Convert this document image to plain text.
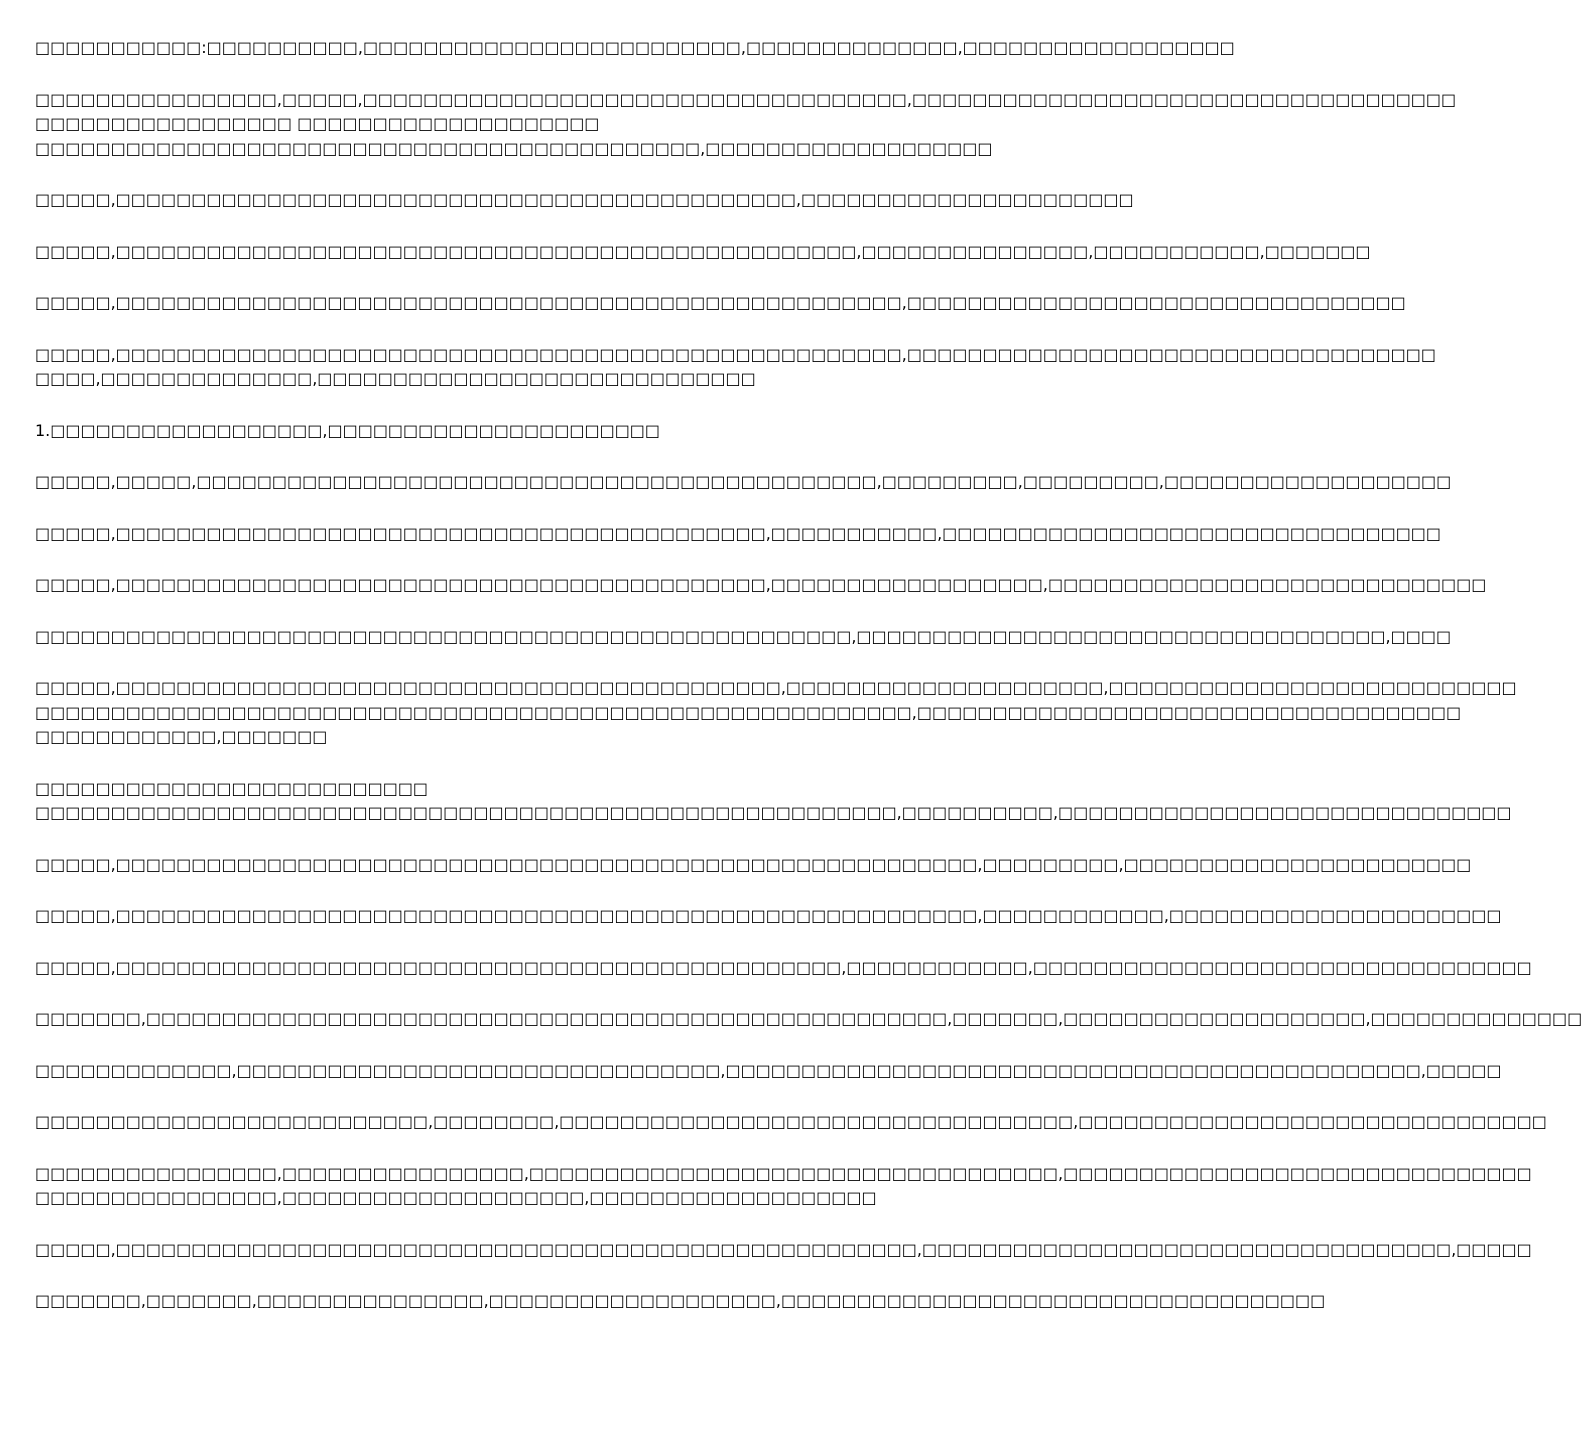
□□□□□□□□□□□:□□□□□□□□□□,□□□□□□□□□□□□□□□□□□□□□□□□□,□□□□□□□□□□□□□□,□□□□□□□□□□□□□□□□□□
□□□□□□□□□□□□□□□□,□□□□□,□□□□□□□□□□□□□□□□□□□□□□□□□□□□□□□□□□□□,□□□□□□□□□□□□□□□□□□□□□□□□□□□□□□□□□□□□
□□□□□□□□□□□□□□□□□ □□□□□□□□□□□□□□□□□□□□
□□□□□□□□□□□□□□□□□□□□□□□□□□□□□□□□□□□□□□□□□□□□,□□□□□□□□□□□□□□□□□□□
□□□□□,□□□□□□□□□□□□□□□□□□□□□□□□□□□□□□□□□□□□□□□□□□□□□,□□□□□□□□□□□□□□□□□□□□□□
□□□□□,□□□□□□□□□□□□□□□□□□□□□□□□□□□□□□□□□□□□□□□□□□□□□□□□□,□□□□□□□□□□□□□□□,□□□□□□□□□□□,□□□□□□□
□□□□□,□□□□□□□□□□□□□□□□□□□□□□□□□□□□□□□□□□□□□□□□□□□□□□□□□□□□,□□□□□□□□□□□□□□□□□□□□□□□□□□□□□□□□□
□□□□□,□□□□□□□□□□□□□□□□□□□□□□□□□□□□□□□□□□□□□□□□□□□□□□□□□□□□,□□□□□□□□□□□□□□□□□□□□□□□□□□□□□□□□□□□
□□□□,□□□□□□□□□□□□□□,□□□□□□□□□□□□□□□□□□□□□□□□□□□□□
1.□□□□□□□□□□□□□□□□□□,□□□□□□□□□□□□□□□□□□□□□□
□□□□□,□□□□□,□□□□□□□□□□□□□□□□□□□□□□□□□□□□□□□□□□□□□□□□□□□□□,□□□□□□□□□,□□□□□□□□□,□□□□□□□□□□□□□□□□□□□
□□□□□,□□□□□□□□□□□□□□□□□□□□□□□□□□□□□□□□□□□□□□□□□□□,□□□□□□□□□□□,□□□□□□□□□□□□□□□□□□□□□□□□□□□□□□□□□
□□□□□,□□□□□□□□□□□□□□□□□□□□□□□□□□□□□□□□□□□□□□□□□□□,□□□□□□□□□□□□□□□□□□,□□□□□□□□□□□□□□□□□□□□□□□□□□□□□
□□□□□□□□□□□□□□□□□□□□□□□□□□□□□□□□□□□□□□□□□□□□□□□□□□□□□□,□□□□□□□□□□□□□□□□□□□□□□□□□□□□□□□□□□□,□□□□
□□□□□,□□□□□□□□□□□□□□□□□□□□□□□□□□□□□□□□□□□□□□□□□□□□,□□□□□□□□□□□□□□□□□□□□□,□□□□□□□□□□□□□□□□□□□□□□□□□□□
□□□□□□□□□□□□□□□□□□□□□□□□□□□□□□□□□□□□□□□□□□□□□□□□□□□□□□□□□□,□□□□□□□□□□□□□□□□□□□□□□□□□□□□□□□□□□□□
□□□□□□□□□□□□,□□□□□□□
□□□□□□□□□□□□□□□□□□□□□□□□□□
□□□□□□□□□□□□□□□□□□□□□□□□□□□□□□□□□□□□□□□□□□□□□□□□□□□□□□□□□,□□□□□□□□□□,□□□□□□□□□□□□□□□□□□□□□□□□□□□□□□
□□□□□,□□□□□□□□□□□□□□□□□□□□□□□□□□□□□□□□□□□□□□□□□□□□□□□□□□□□□□□□□,□□□□□□□□□,□□□□□□□□□□□□□□□□□□□□□□□
□□□□□,□□□□□□□□□□□□□□□□□□□□□□□□□□□□□□□□□□□□□□□□□□□□□□□□□□□□□□□□□,□□□□□□□□□□□□,□□□□□□□□□□□□□□□□□□□□□□
□□□□□,□□□□□□□□□□□□□□□□□□□□□□□□□□□□□□□□□□□□□□□□□□□□□□□□,□□□□□□□□□□□□,□□□□□□□□□□□□□□□□□□□□□□□□□□□□□□□□□
□□□□□□□,□□□□□□□□□□□□□□□□□□□□□□□□□□□□□□□□□□□□□□□□□□□□□□□□□□□□□,□□□□□□□,□□□□□□□□□□□□□□□□□□□□,□□□□□□□□□□□□□□
□□□□□□□□□□□□□,□□□□□□□□□□□□□□□□□□□□□□□□□□□□□□□□,□□□□□□□□□□□□□□□□□□□□□□□□□□□□□□□□□□□□□□□□□□□□□□,□□□□□
□□□□□□□□□□□□□□□□□□□□□□□□□□,□□□□□□□□,□□□□□□□□□□□□□□□□□□□□□□□□□□□□□□□□□□,□□□□□□□□□□□□□□□□□□□□□□□□□□□□□□□
□□□□□□□□□□□□□□□□,□□□□□□□□□□□□□□□□,□□□□□□□□□□□□□□□□□□□□□□□□□□□□□□□□□□□,□□□□□□□□□□□□□□□□□□□□□□□□□□□□□□□
□□□□□□□□□□□□□□□□,□□□□□□□□□□□□□□□□□□□□,□□□□□□□□□□□□□□□□□□□
□□□□□,□□□□□□□□□□□□□□□□□□□□□□□□□□□□□□□□□□□□□□□□□□□□□□□□□□□□□,□□□□□□□□□□□□□□□□□□□□□□□□□□□□□□□□□□□,□□□□□
□□□□□□□,□□□□□□□,□□□□□□□□□□□□□□□,□□□□□□□□□□□□□□□□□□□,□□□□□□□□□□□□□□□□□□□□□□□□□□□□□□□□□□□□
